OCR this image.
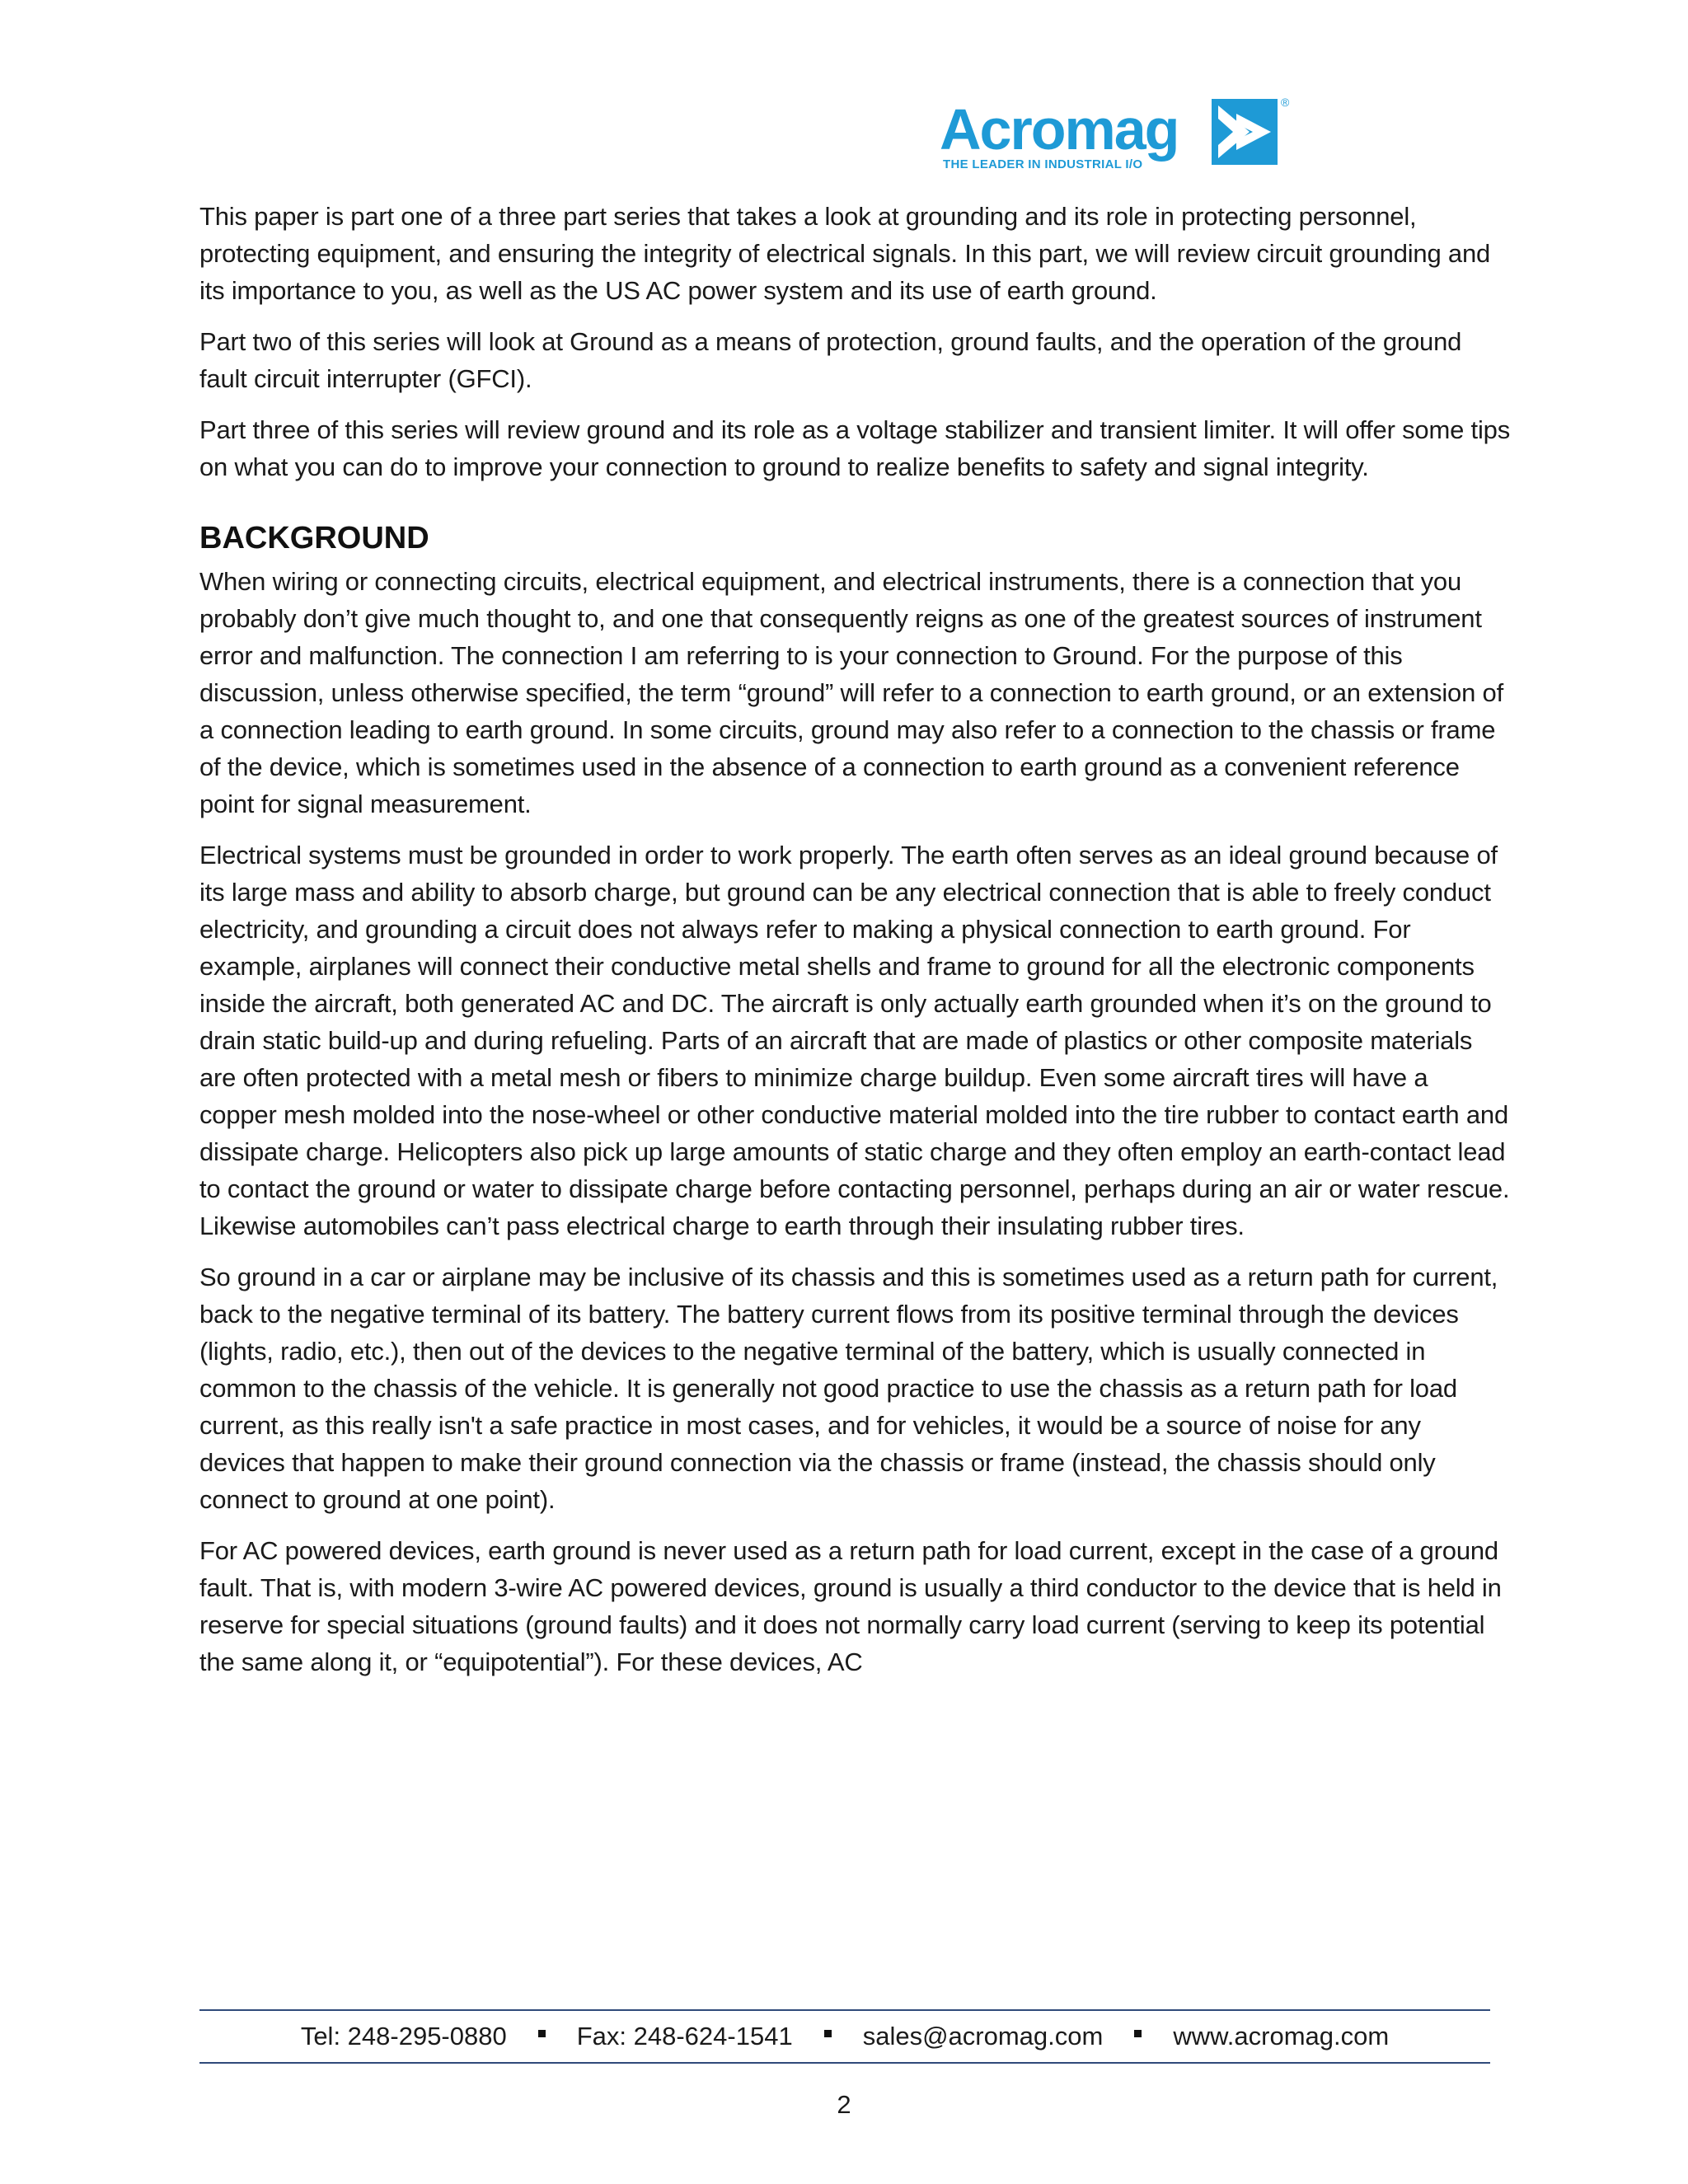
Acromag
THE LEADER IN INDUSTRIAL I/O
®

This paper is part one of a three part series that takes a look at grounding and its role in protecting personnel, protecting equipment, and ensuring the integrity of electrical signals. In this part, we will review circuit grounding and its importance to you, as well as the US AC power system and its use of earth ground.

Part two of this series will look at Ground as a means of protection, ground faults, and the operation of the ground fault circuit interrupter (GFCI).

Part three of this series will review ground and its role as a voltage stabilizer and transient limiter. It will offer some tips on what you can do to improve your connection to ground to realize benefits to safety and signal integrity.

BACKGROUND

When wiring or connecting circuits, electrical equipment, and electrical instruments, there is a connection that you probably don’t give much thought to, and one that consequently reigns as one of the greatest sources of instrument error and malfunction. The connection I am referring to is your connection to Ground. For the purpose of this discussion, unless otherwise specified, the term “ground” will refer to a connection to earth ground, or an extension of a connection leading to earth ground. In some circuits, ground may also refer to a connection to the chassis or frame of the device, which is sometimes used in the absence of a connection to earth ground as a convenient reference point for signal measurement.

Electrical systems must be grounded in order to work properly. The earth often serves as an ideal ground because of its large mass and ability to absorb charge, but ground can be any electrical connection that is able to freely conduct electricity, and grounding a circuit does not always refer to making a physical connection to earth ground. For example, airplanes will connect their conductive metal shells and frame to ground for all the electronic components inside the aircraft, both generated AC and DC. The aircraft is only actually earth grounded when it’s on the ground to drain static build-up and during refueling. Parts of an aircraft that are made of plastics or other composite materials are often protected with a metal mesh or fibers to minimize charge buildup. Even some aircraft tires will have a copper mesh molded into the nose-wheel or other conductive material molded into the tire rubber to contact earth and dissipate charge. Helicopters also pick up large amounts of static charge and they often employ an earth-contact lead to contact the ground or water to dissipate charge before contacting personnel, perhaps during an air or water rescue. Likewise automobiles can’t pass electrical charge to earth through their insulating rubber tires.

So ground in a car or airplane may be inclusive of its chassis and this is sometimes used as a return path for current, back to the negative terminal of its battery. The battery current flows from its positive terminal through the devices (lights, radio, etc.), then out of the devices to the negative terminal of the battery, which is usually connected in common to the chassis of the vehicle. It is generally not good practice to use the chassis as a return path for load current, as this really isn't a safe practice in most cases, and for vehicles, it would be a source of noise for any devices that happen to make their ground connection via the chassis or frame (instead, the chassis should only connect to ground at one point).

For AC powered devices, earth ground is never used as a return path for load current, except in the case of a ground fault. That is, with modern 3-wire AC powered devices, ground is usually a third conductor to the device that is held in reserve for special situations (ground faults) and it does not normally carry load current (serving to keep its potential the same along it, or “equipotential”). For these devices, AC

Tel: 248-295-0880	Fax: 248-624-1541	sales@acromag.com	www.acromag.com
2
